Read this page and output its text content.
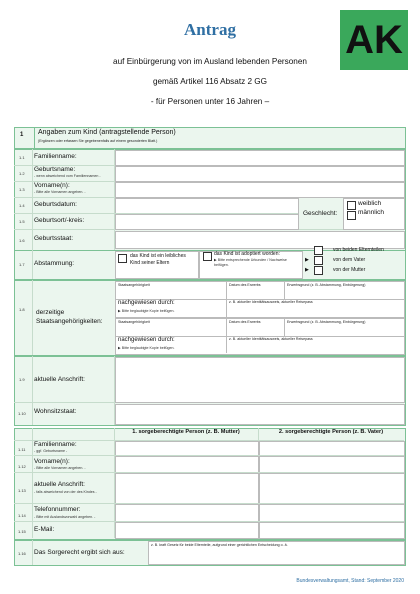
Antrag
auf Einbürgerung von im Ausland lebenden Personen
gemäß Artikel 116 Absatz 2 GG
- für Personen unter 16 Jahren –
AK
1 Angaben zum Kind (antragstellende Person)
(Ergänzen oder erfassen Sie gegebenenfalls auf einem gesonderten Blatt.)
1.1 Familienname:
1.2
Geburtsname:
- wenn abweichend vom Familiennamen -
1.3
Vorname(n):
- Bitte alle Vornamen angeben. -
1.4 Geburtsdatum:
1.5 Geburtsort/-kreis:
Geschlecht:
weiblich
männlich
1.6 Geburtsstaat:
1.7 Abstammung:
das Kind ist ein leibliches Kind seiner Eltern
das Kind ist adoptiert worden:
▶ Bitte entsprechende Urkunden / Nachweise beifügen.
von beiden Elternteilen
▶	von dem Vater
▶	von der Mutter
1.8 derzeitige Staatsangehörigkeiten:
Staatsangehörigkeit	Datum des Erwerbs	Erwerbsgrund (z. B. Abstammung, Einbürgerung)
nachgewiesen durch:
▶ Bitte beglaubigte Kopie beifügen.
z. B. aktueller Identitätsausweis, aktueller Reisepass
Staatsangehörigkeit	Datum des Erwerbs	Erwerbsgrund (z. B. Abstammung, Einbürgerung)
nachgewiesen durch:
▶ Bitte beglaubigte Kopie beifügen.
z. B. aktueller Identitätsausweis, aktueller Reisepass
1.9 aktuelle Anschrift:
1.10 Wohnsitzstaat:
1. sorgeberechtigte Person (z. B. Mutter)	2. sorgeberechtigte Person (z. B. Vater)
1.11
Familienname:
- ggf. Geburtsname -
1.12
Vorname(n):
- Bitte alle Vornamen angeben. -
1.13
aktuelle Anschrift:
- falls abweichend von der des Kindes -
1.14
Telefonnummer:
- Bitte mit Auslandsvorwahl angeben. -
1.15 E-Mail:
1.16 Das Sorgerecht ergibt sich aus:
z. B. kraft Gesetz für beide Elternteile, aufgrund einer gerichtlichen Entscheidung o. ä.
Bundesverwaltungsamt, Stand: September 2020
